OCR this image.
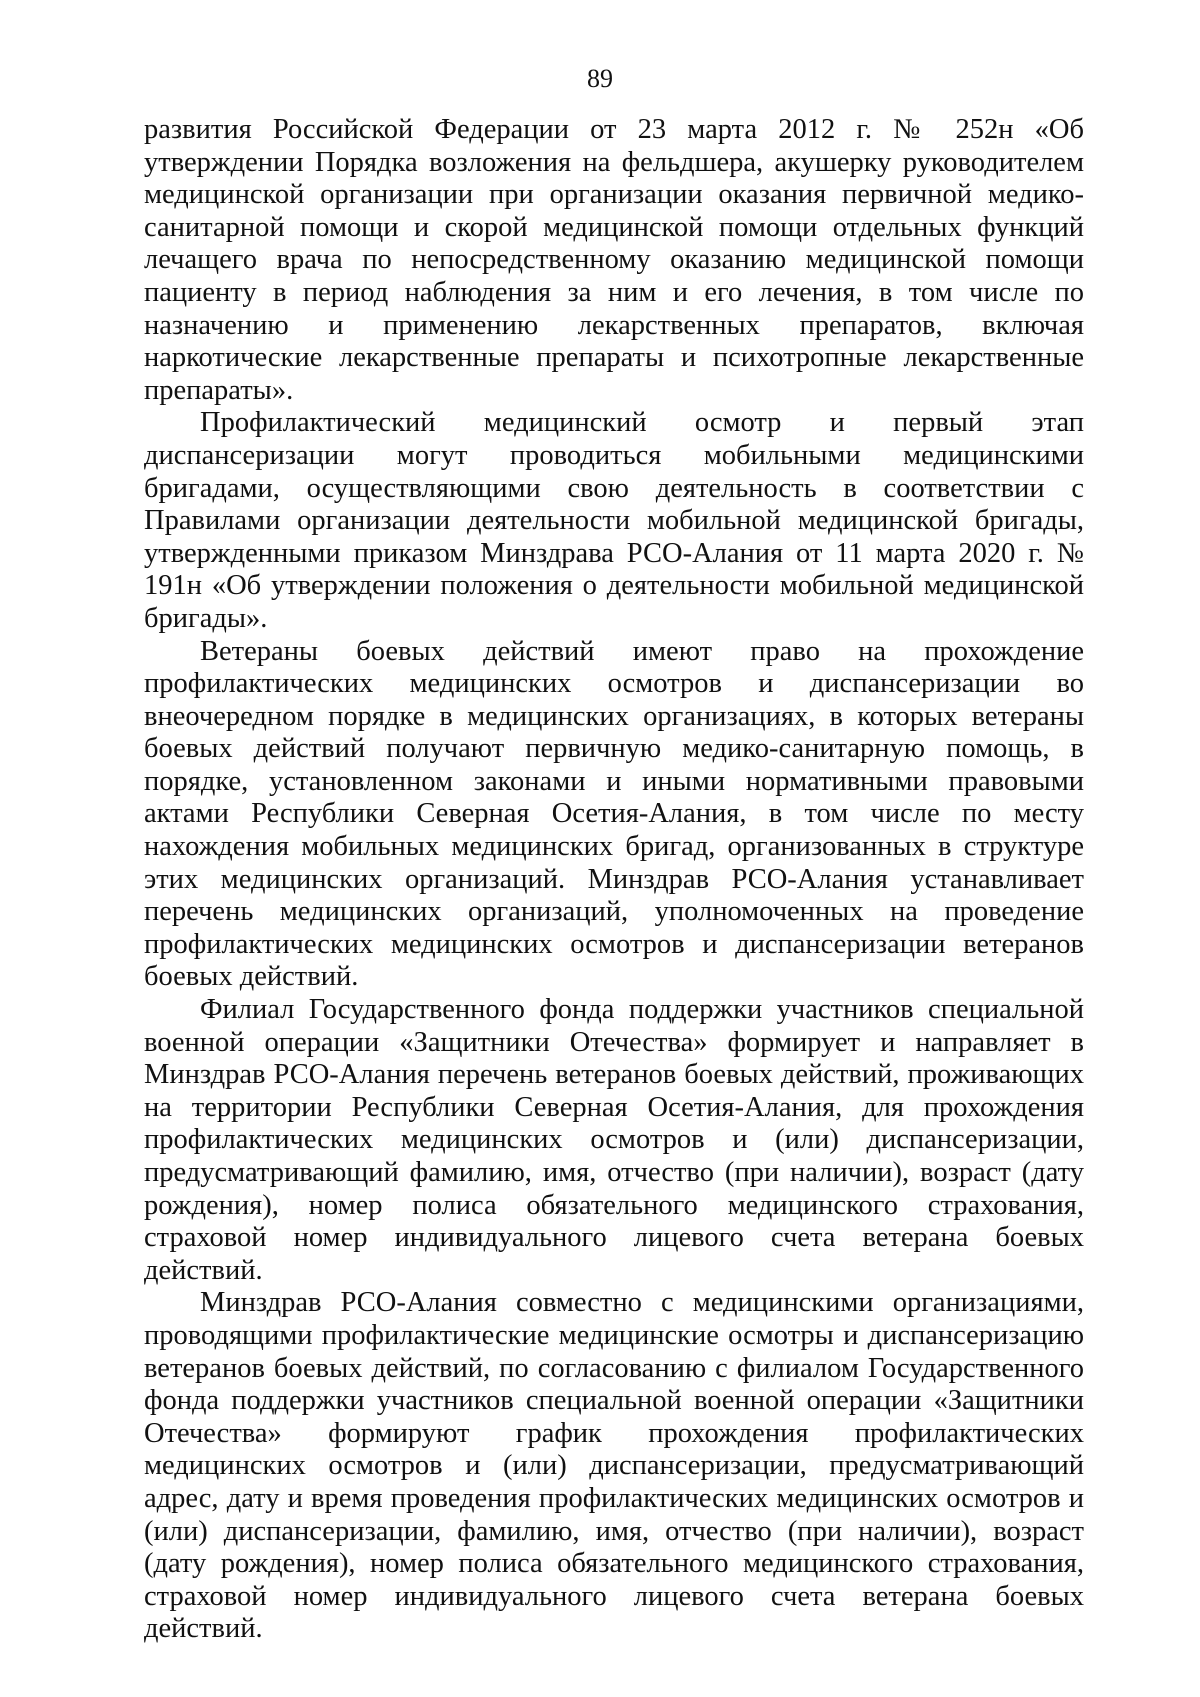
89

развития Российской Федерации от 23 марта 2012 г. № 252н «Об утверждении Порядка возложения на фельдшера, акушерку руководителем медицинской организации при организации оказания первичной медико-санитарной помощи и скорой медицинской помощи отдельных функций лечащего врача по непосредственному оказанию медицинской помощи пациенту в период наблюдения за ним и его лечения, в том числе по назначению и применению лекарственных препаратов, включая наркотические лекарственные препараты и психотропные лекарственные препараты».

Профилактический медицинский осмотр и первый этап диспансеризации могут проводиться мобильными медицинскими бригадами, осуществляющими свою деятельность в соответствии с Правилами организации деятельности мобильной медицинской бригады, утвержденными приказом Минздрава РСО-Алания от 11 марта 2020 г. № 191н «Об утверждении положения о деятельности мобильной медицинской бригады».

Ветераны боевых действий имеют право на прохождение профилактических медицинских осмотров и диспансеризации во внеочередном порядке в медицинских организациях, в которых ветераны боевых действий получают первичную медико-санитарную помощь, в порядке, установленном законами и иными нормативными правовыми актами Республики Северная Осетия-Алания, в том числе по месту нахождения мобильных медицинских бригад, организованных в структуре этих медицинских организаций. Минздрав РСО-Алания устанавливает перечень медицинских организаций, уполномоченных на проведение профилактических медицинских осмотров и диспансеризации ветеранов боевых действий.

Филиал Государственного фонда поддержки участников специальной военной операции «Защитники Отечества» формирует и направляет в Минздрав РСО-Алания перечень ветеранов боевых действий, проживающих на территории Республики Северная Осетия-Алания, для прохождения профилактических медицинских осмотров и (или) диспансеризации, предусматривающий фамилию, имя, отчество (при наличии), возраст (дату рождения), номер полиса обязательного медицинского страхования, страховой номер индивидуального лицевого счета ветерана боевых действий.

Минздрав РСО-Алания совместно с медицинскими организациями, проводящими профилактические медицинские осмотры и диспансеризацию ветеранов боевых действий, по согласованию с филиалом Государственного фонда поддержки участников специальной военной операции «Защитники Отечества» формируют график прохождения профилактических медицинских осмотров и (или) диспансеризации, предусматривающий адрес, дату и время проведения профилактических медицинских осмотров и (или) диспансеризации, фамилию, имя, отчество (при наличии), возраст (дату рождения), номер полиса обязательного медицинского страхования, страховой номер индивидуального лицевого счета ветерана боевых действий.
